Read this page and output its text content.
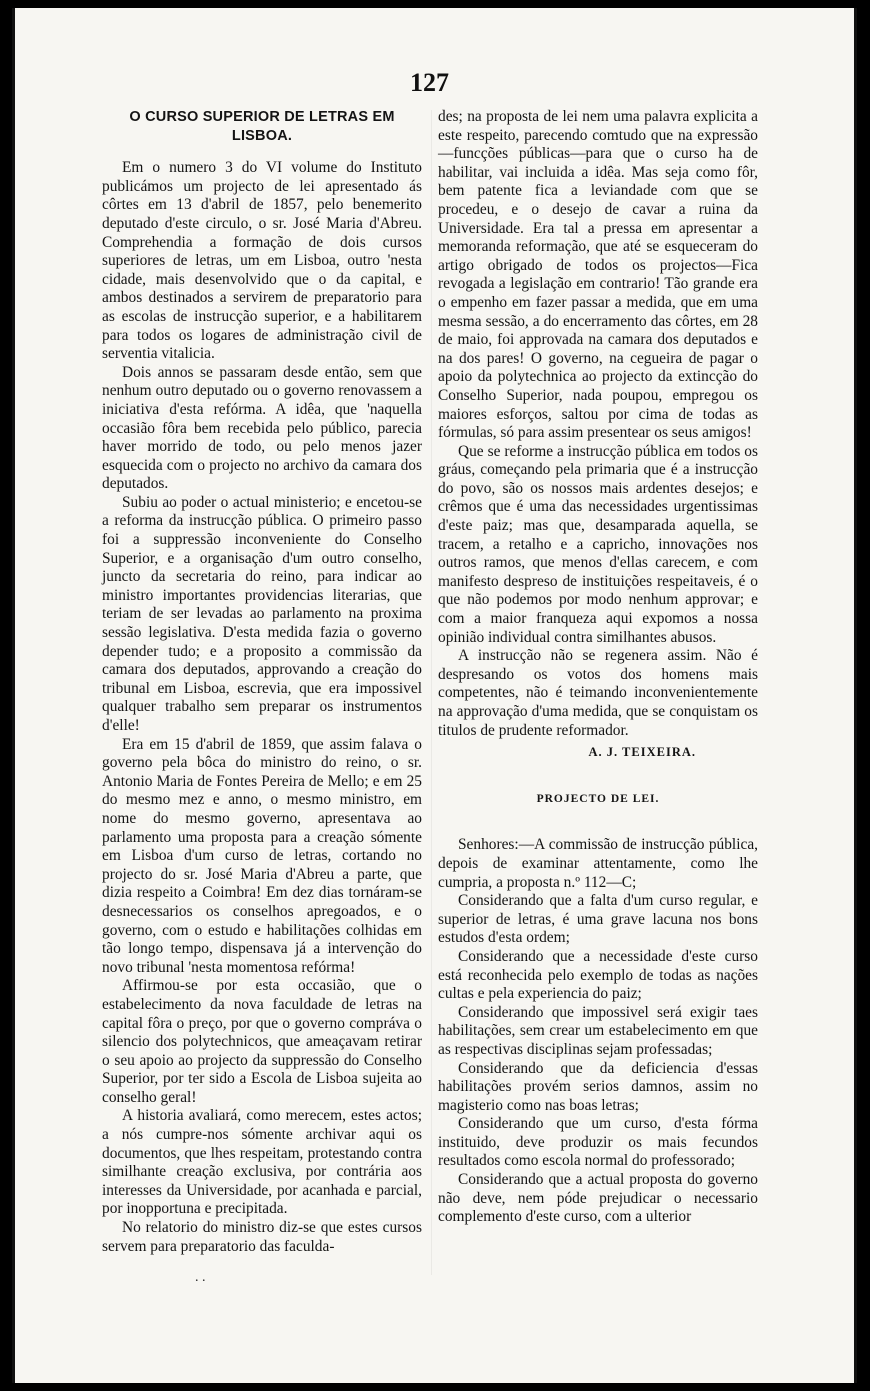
127
O CURSO SUPERIOR DE LETRAS EM LISBOA.

Em o numero 3 do VI volume do Instituto publicámos um projecto de lei apresentado ás côrtes em 13 d'abril de 1857, pelo benemerito deputado d'este circulo, o sr. José Maria d'Abreu. Comprehendia a formação de dois cursos superiores de letras, um em Lisboa, outro 'nesta cidade, mais desenvolvido que o da capital, e ambos destinados a servirem de preparatorio para as escolas de instrucção superior, e a habilitarem para todos os logares de administração civil de serventia vitalicia.

Dois annos se passaram desde então, sem que nenhum outro deputado ou o governo renovassem a iniciativa d'esta refórma. A idêa, que 'naquella occasião fôra bem recebida pelo público, parecia haver morrido de todo, ou pelo menos jazer esquecida com o projecto no archivo da camara dos deputados.

Subiu ao poder o actual ministerio; e encetou-se a reforma da instrucção pública. O primeiro passo foi a suppressão inconveniente do Conselho Superior, e a organisação d'um outro conselho, juncto da secretaria do reino, para indicar ao ministro importantes providencias literarias, que teriam de ser levadas ao parlamento na proxima sessão legislativa. D'esta medida fazia o governo depender tudo; e a proposito a commissão da camara dos deputados, approvando a creação do tribunal em Lisboa, escrevia, que era impossivel qualquer trabalho sem preparar os instrumentos d'elle!

Era em 15 d'abril de 1859, que assim falava o governo pela bôca do ministro do reino, o sr. Antonio Maria de Fontes Pereira de Mello; e em 25 do mesmo mez e anno, o mesmo ministro, em nome do mesmo governo, apresentava ao parlamento uma proposta para a creação sómente em Lisboa d'um curso de letras, cortando no projecto do sr. José Maria d'Abreu a parte, que dizia respeito a Coimbra! Em dez dias tornáram-se desnecessarios os conselhos apregoados, e o governo, com o estudo e habilitações colhidas em tão longo tempo, dispensava já a intervenção do novo tribunal 'nesta momentosa refórma!

Affirmou-se por esta occasião, que o estabelecimento da nova faculdade de letras na capital fôra o preço, por que o governo compráva o silencio dos polytechnicos, que ameaçavam retirar o seu apoio ao projecto da suppressão do Conselho Superior, por ter sido a Escola de Lisboa sujeita ao conselho geral!

A historia avaliará, como merecem, estes actos; a nós cumpre-nos sómente archivar aqui os documentos, que lhes respeitam, protestando contra similhante creação exclusiva, por contrária aos interesses da Universidade, por acanhada e parcial, por inopportuna e precipitada.

No relatorio do ministro diz-se que estes cursos servem para preparatorio das faculda-

. .

des; na proposta de lei nem uma palavra explicita a este respeito, parecendo comtudo que na expressão—funcções públicas—para que o curso ha de habilitar, vai incluida a idêa. Mas seja como fôr, bem patente fica a leviandade com que se procedeu, e o desejo de cavar a ruina da Universidade. Era tal a pressa em apresentar a memoranda reformação, que até se esqueceram do artigo obrigado de todos os projectos—Fica revogada a legislação em contrario! Tão grande era o empenho em fazer passar a medida, que em uma mesma sessão, a do encerramento das côrtes, em 28 de maio, foi approvada na camara dos deputados e na dos pares! O governo, na cegueira de pagar o apoio da polytechnica ao projecto da extincção do Conselho Superior, nada poupou, empregou os maiores esforços, saltou por cima de todas as fórmulas, só para assim presentear os seus amigos!

Que se reforme a instrucção pública em todos os gráus, começando pela primaria que é a instrucção do povo, são os nossos mais ardentes desejos; e crêmos que é uma das necessidades urgentissimas d'este paiz; mas que, desamparada aquella, se tracem, a retalho e a capricho, innovações nos outros ramos, que menos d'ellas carecem, e com manifesto despreso de instituições respeitaveis, é o que não podemos por modo nenhum approvar; e com a maior franqueza aqui expomos a nossa opinião individual contra similhantes abusos.

A instrucção não se regenera assim. Não é despresando os votos dos homens mais competentes, não é teimando inconvenientemente na approvação d'uma medida, que se conquistam os titulos de prudente reformador.

A. J. TEIXEIRA.
PROJECTO DE LEI.

Senhores:—A commissão de instrucção pública, depois de examinar attentamente, como lhe cumpria, a proposta n.º 112—C;

Considerando que a falta d'um curso regular, e superior de letras, é uma grave lacuna nos bons estudos d'esta ordem;

Considerando que a necessidade d'este curso está reconhecida pelo exemplo de todas as nações cultas e pela experiencia do paiz;

Considerando que impossivel será exigir taes habilitações, sem crear um estabelecimento em que as respectivas disciplinas sejam professadas;

Considerando que da deficiencia d'essas habilitações provém serios damnos, assim no magisterio como nas boas letras;

Considerando que um curso, d'esta fórma instituido, deve produzir os mais fecundos resultados como escola normal do professorado;

Considerando que a actual proposta do governo não deve, nem póde prejudicar o necessario complemento d'este curso, com a ulterior
